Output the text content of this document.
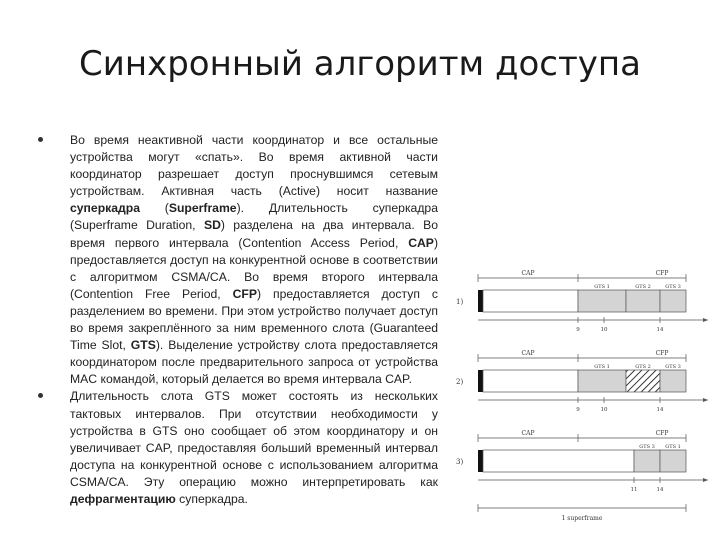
Синхронный алгоритм доступа
Во время неактивной части координатор и все остальные устройства могут «спать». Во время активной части координатор разрешает доступ проснувшимся сетевым устройствам. Активная часть (Active) носит название суперкадра (Superframe). Длительность суперкадра (Superframe Duration, SD) разделена на два интервала. Во время первого интервала (Contention Access Period, CAP) предоставляется доступ на конкурентной основе в соответствии с алгоритмом CSMA/CA. Во время второго интервала (Contention Free Period, CFP) предоставляется доступ с разделением во времени. При этом устройство получает доступ во время закреплённого за ним временного слота (Guaranteed Time Slot, GTS). Выделение устройству слота предоставляется координатором после предварительного запроса от устройства MAC командой, который делается во время интервала CAP.
Длительность слота GTS может состоять из нескольких тактовых интервалов. При отсутствии необходимости у устройства в GTS оно сообщает об этом координатору и он увеличивает CAP, предоставляя больший временный интервал доступа на конкурентной основе с использованием алгоритма CSMA/CA. Эту операцию можно интерпретировать как дефрагментацию суперкадра.
CAP	CFP
1)
GTS 1	GTS 2	GTS 3
9	10	14
CAP	CFP
2)
GTS 1	GTS 2	GTS 3
9	10	14
CAP	CFP
3)
GTS 3 GTS 1
11	14
1 superframe
